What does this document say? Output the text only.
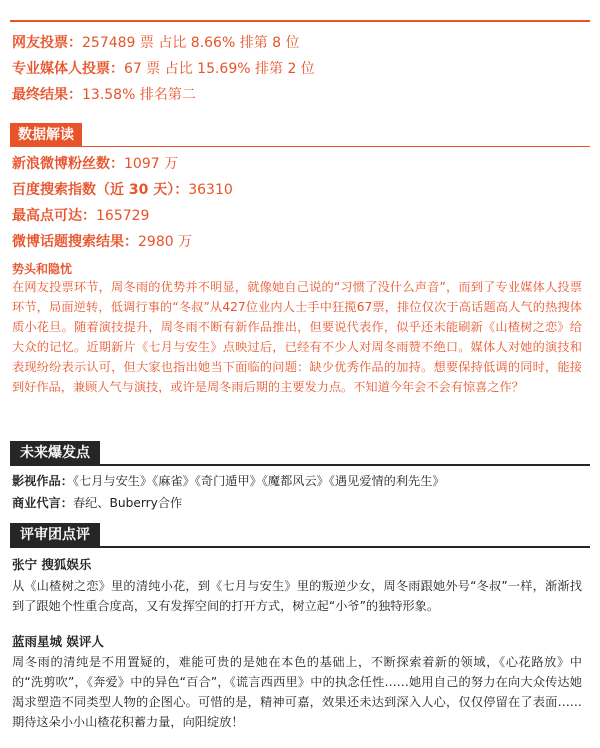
网友投票：257489 票 占比 8.66% 排第 8 位
专业媒体人投票：67 票 占比 15.69% 排第 2 位
最终结果：13.58% 排名第二
数据解读
新浪微博粉丝数：1097 万
百度搜索指数（近 30 天）：36310
最高点可达：165729
微博话题搜索结果：2980 万
势头和隐忧
在网友投票环节，周冬雨的优势并不明显，就像她自己说的“习惯了没什么声音”，而到了专业媒体人投票环节，局面逆转，低调行事的“冬叔”从427位业内人士手中狂揽67票，排位仅次于高话题高人气的热搜体质小花旦。随着演技提升，周冬雨不断有新作品推出，但要说代表作，似乎还未能刷新《山楂树之恋》给大众的记忆。近期新片《七月与安生》点映过后，已经有不少人对周冬雨赞不绝口。媒体人对她的演技和表现纷纷表示认可，但大家也指出她当下面临的问题：缺少优秀作品的加持。想要保持低调的同时，能接到好作品，兼顾人气与演技，或许是周冬雨后期的主要发力点。不知道今年会不会有惊喜之作？
未来爆发点
影视作品：《七月与安生》《麻雀》《奇门遁甲》《魔都风云》《遇见爱情的利先生》
商业代言：春纪、Buberry合作
评审团点评
张宁 搜狐娱乐
从《山楂树之恋》里的清纯小花，到《七月与安生》里的叛逆少女，周冬雨跟她外号“冬叔”一样，渐渐找到了跟她个性重合度高，又有发挥空间的打开方式，树立起“小爷”的独特形象。
蓝雨星城 娱评人
周冬雨的清纯是不用置疑的，难能可贵的是她在本色的基础上，不断探索着新的领域，《心花路放》中的“洗剪吹”，《奔爱》中的异色“百合”，《谎言西西里》中的执念任性……她用自己的努力在向大众传达她渴求塑造不同类型人物的企图心。可惜的是，精神可嘉，效果还未达到深入人心，仅仅停留在了表面……期待这朵小小山楂花积蓄力量，向阳绽放！
